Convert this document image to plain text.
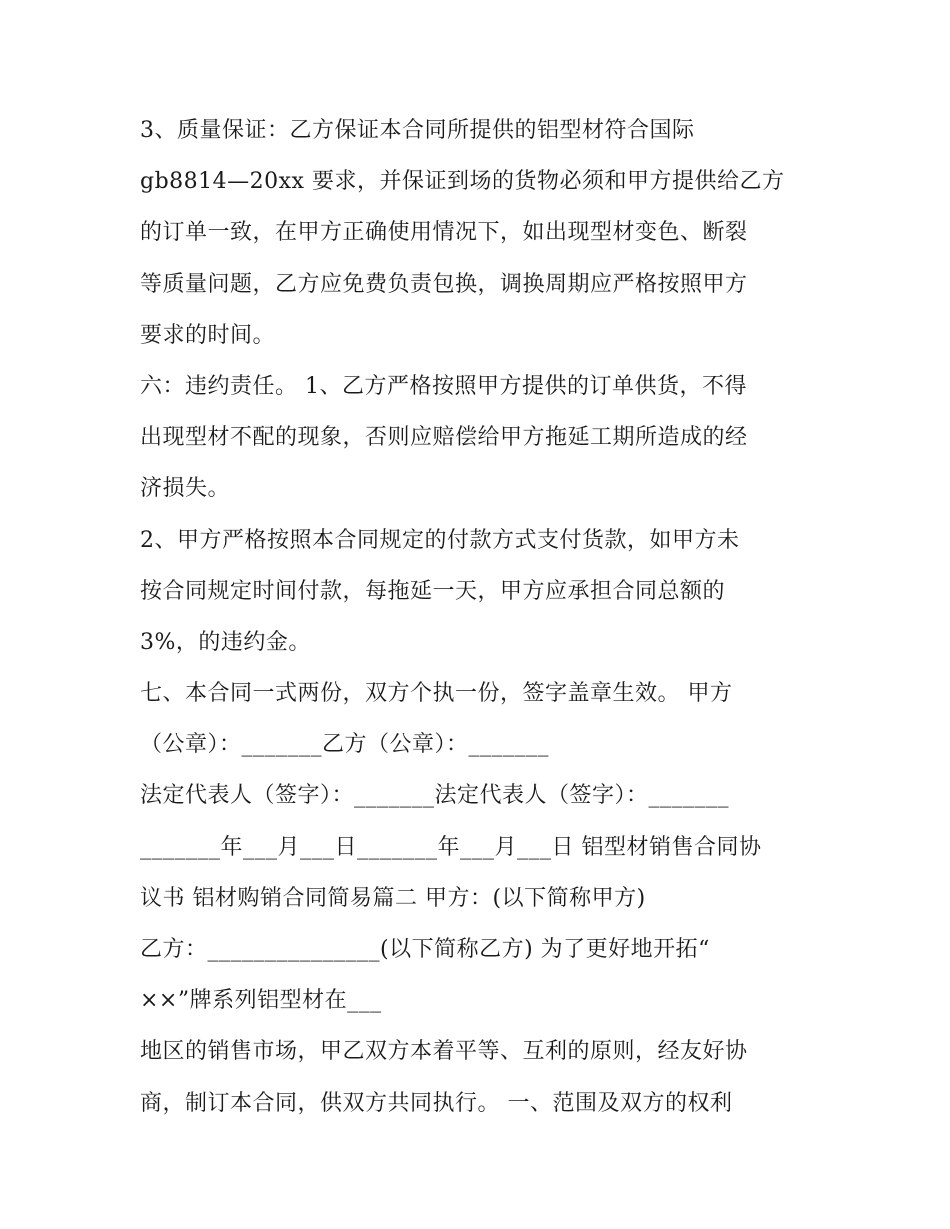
3、质量保证：乙方保证本合同所提供的铝型材符合国际
gb8814—20xx 要求，并保证到场的货物必须和甲方提供给乙方
的订单一致，在甲方正确使用情况下，如出现型材变色、断裂
等质量问题，乙方应免费负责包换，调换周期应严格按照甲方
要求的时间。
六：违约责任。 1、乙方严格按照甲方提供的订单供货，不得
出现型材不配的现象，否则应赔偿给甲方拖延工期所造成的经
济损失。
2、甲方严格按照本合同规定的付款方式支付货款，如甲方未
按合同规定时间付款，每拖延一天，甲方应承担合同总额的
3%，的违约金。
七、本合同一式两份，双方个执一份，签字盖章生效。 甲方
（公章）：_______乙方（公章）：_______
法定代表人（签字）：_______法定代表人（签字）：_______
_______年___月___日_______年___月___日 铝型材销售合同协
议书 铝材购销合同简易篇二 甲方：(以下简称甲方)
乙方：_______________(以下简称乙方) 为了更好地开拓“
××”牌系列铝型材在___
地区的销售市场，甲乙双方本着平等、互利的原则，经友好协
商，制订本合同，供双方共同执行。 一、范围及双方的权利
